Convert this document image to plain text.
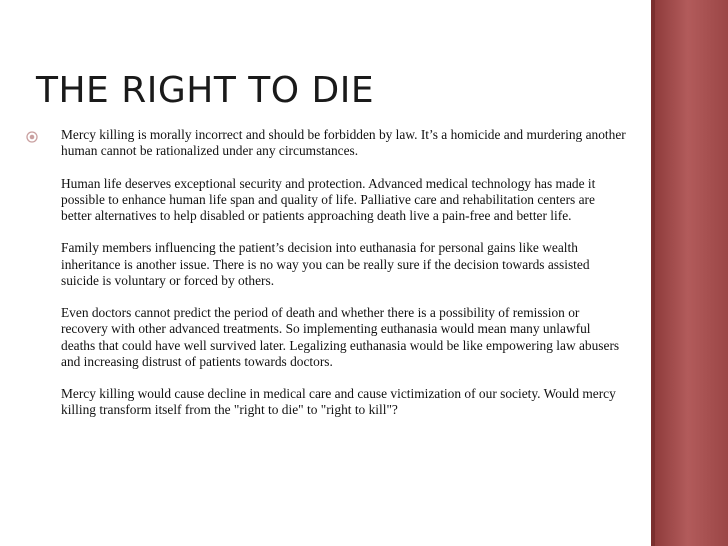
THE RIGHT TO DIE

Mercy killing is morally incorrect and should be forbidden by law. It’s a homicide and murdering another human cannot be rationalized under any circumstances.

Human life deserves exceptional security and protection. Advanced medical technology has made it possible to enhance human life span and quality of life. Palliative care and rehabilitation centers are better alternatives to help disabled or patients approaching death live a pain-free and better life.

Family members influencing the patient’s decision into euthanasia for personal gains like wealth inheritance is another issue. There is no way you can be really sure if the decision towards assisted suicide is voluntary or forced by others.

Even doctors cannot predict the period of death and whether there is a possibility of remission or recovery with other advanced treatments. So implementing euthanasia would mean many unlawful deaths that could have well survived later. Legalizing euthanasia would be like empowering law abusers and increasing distrust of patients towards doctors.

Mercy killing would cause decline in medical care and cause victimization of our society. Would mercy killing transform itself from the "right to die" to "right to kill"?
